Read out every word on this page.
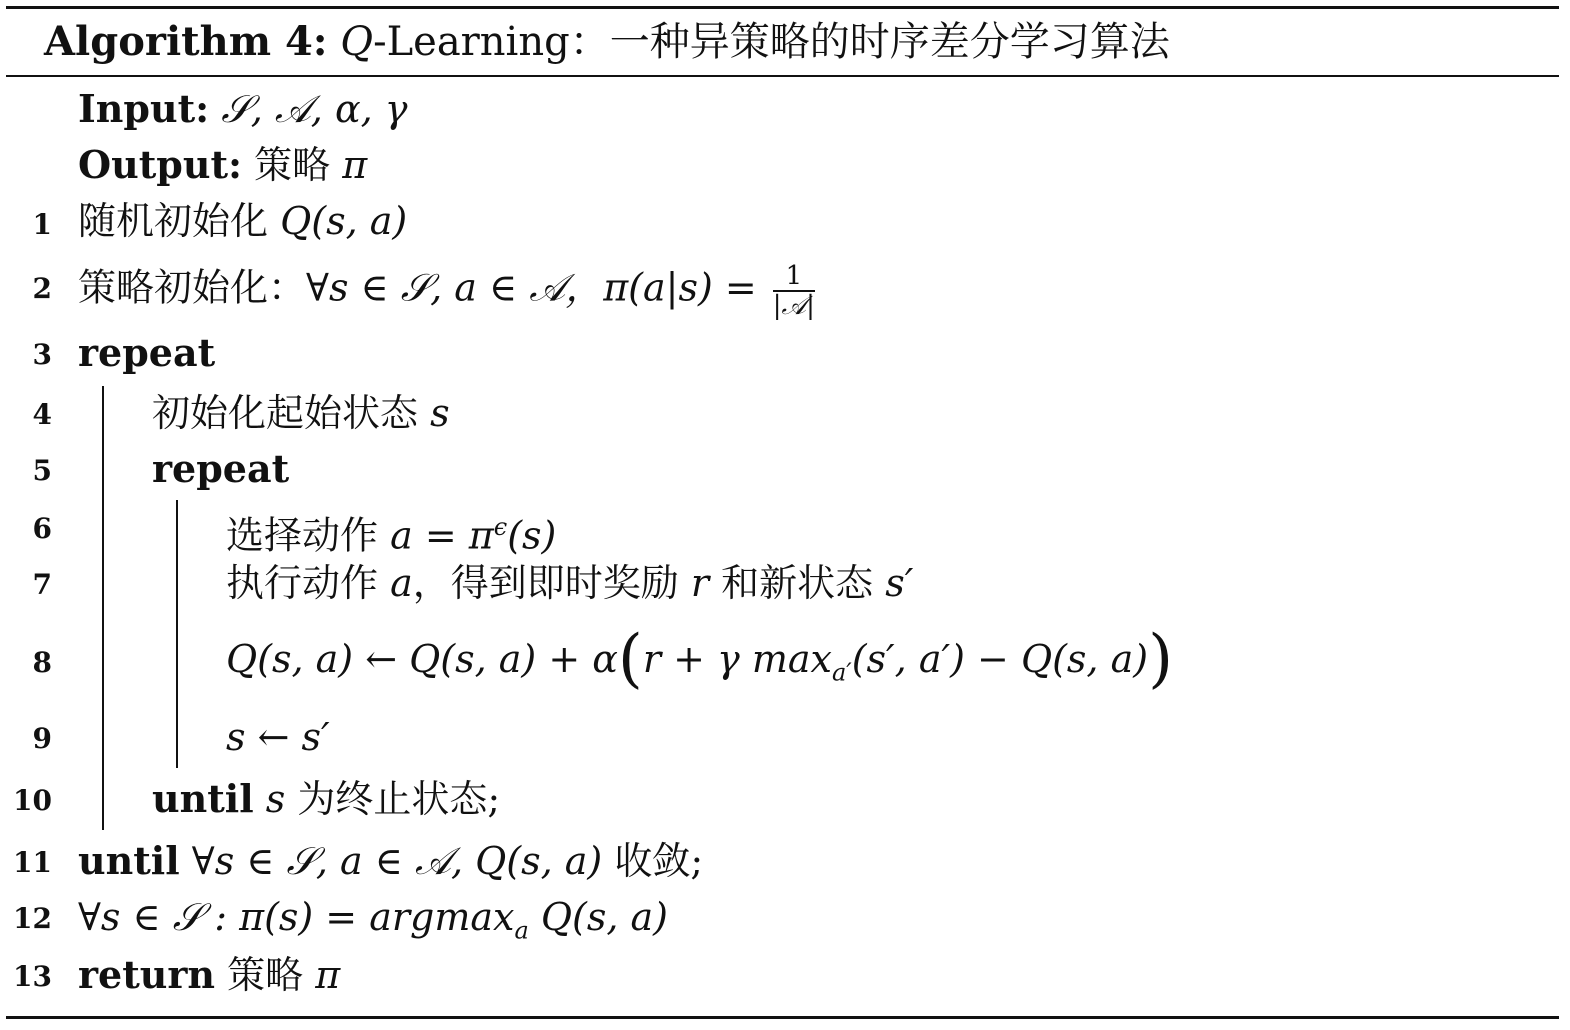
Algorithm 4: Q-Learning：一种异策略的时序差分学习算法
Input: 𝒮, 𝒜, α, γ
Output: 策略 π
1
2
3
4
5
6
7
8
9
10
11
12
13
随机初始化 Q(s, a)
策略初始化：∀s ∈ 𝒮, a ∈ 𝒜，$\pi(a|s) = \frac{1}{\text{|𝒜|}}$
repeat
初始化起始状态 s
repeat
选择动作 $a = \pi^\epsilon(s)$
执行动作 a，得到即时奖励 r 和新状态 s′
Q(s, a) ← Q(s, a) + α(r + γ $\max_{a'}(s'$, a′) − Q(s, a))
s ← s′
until s 为终止状态;
until ∀s ∈ 𝒮, a ∈ 𝒜, Q(s, a) 收敛;
∀s ∈ 𝒮 : π(s) = argmax$_a$ Q(s, a)
return 策略 π
